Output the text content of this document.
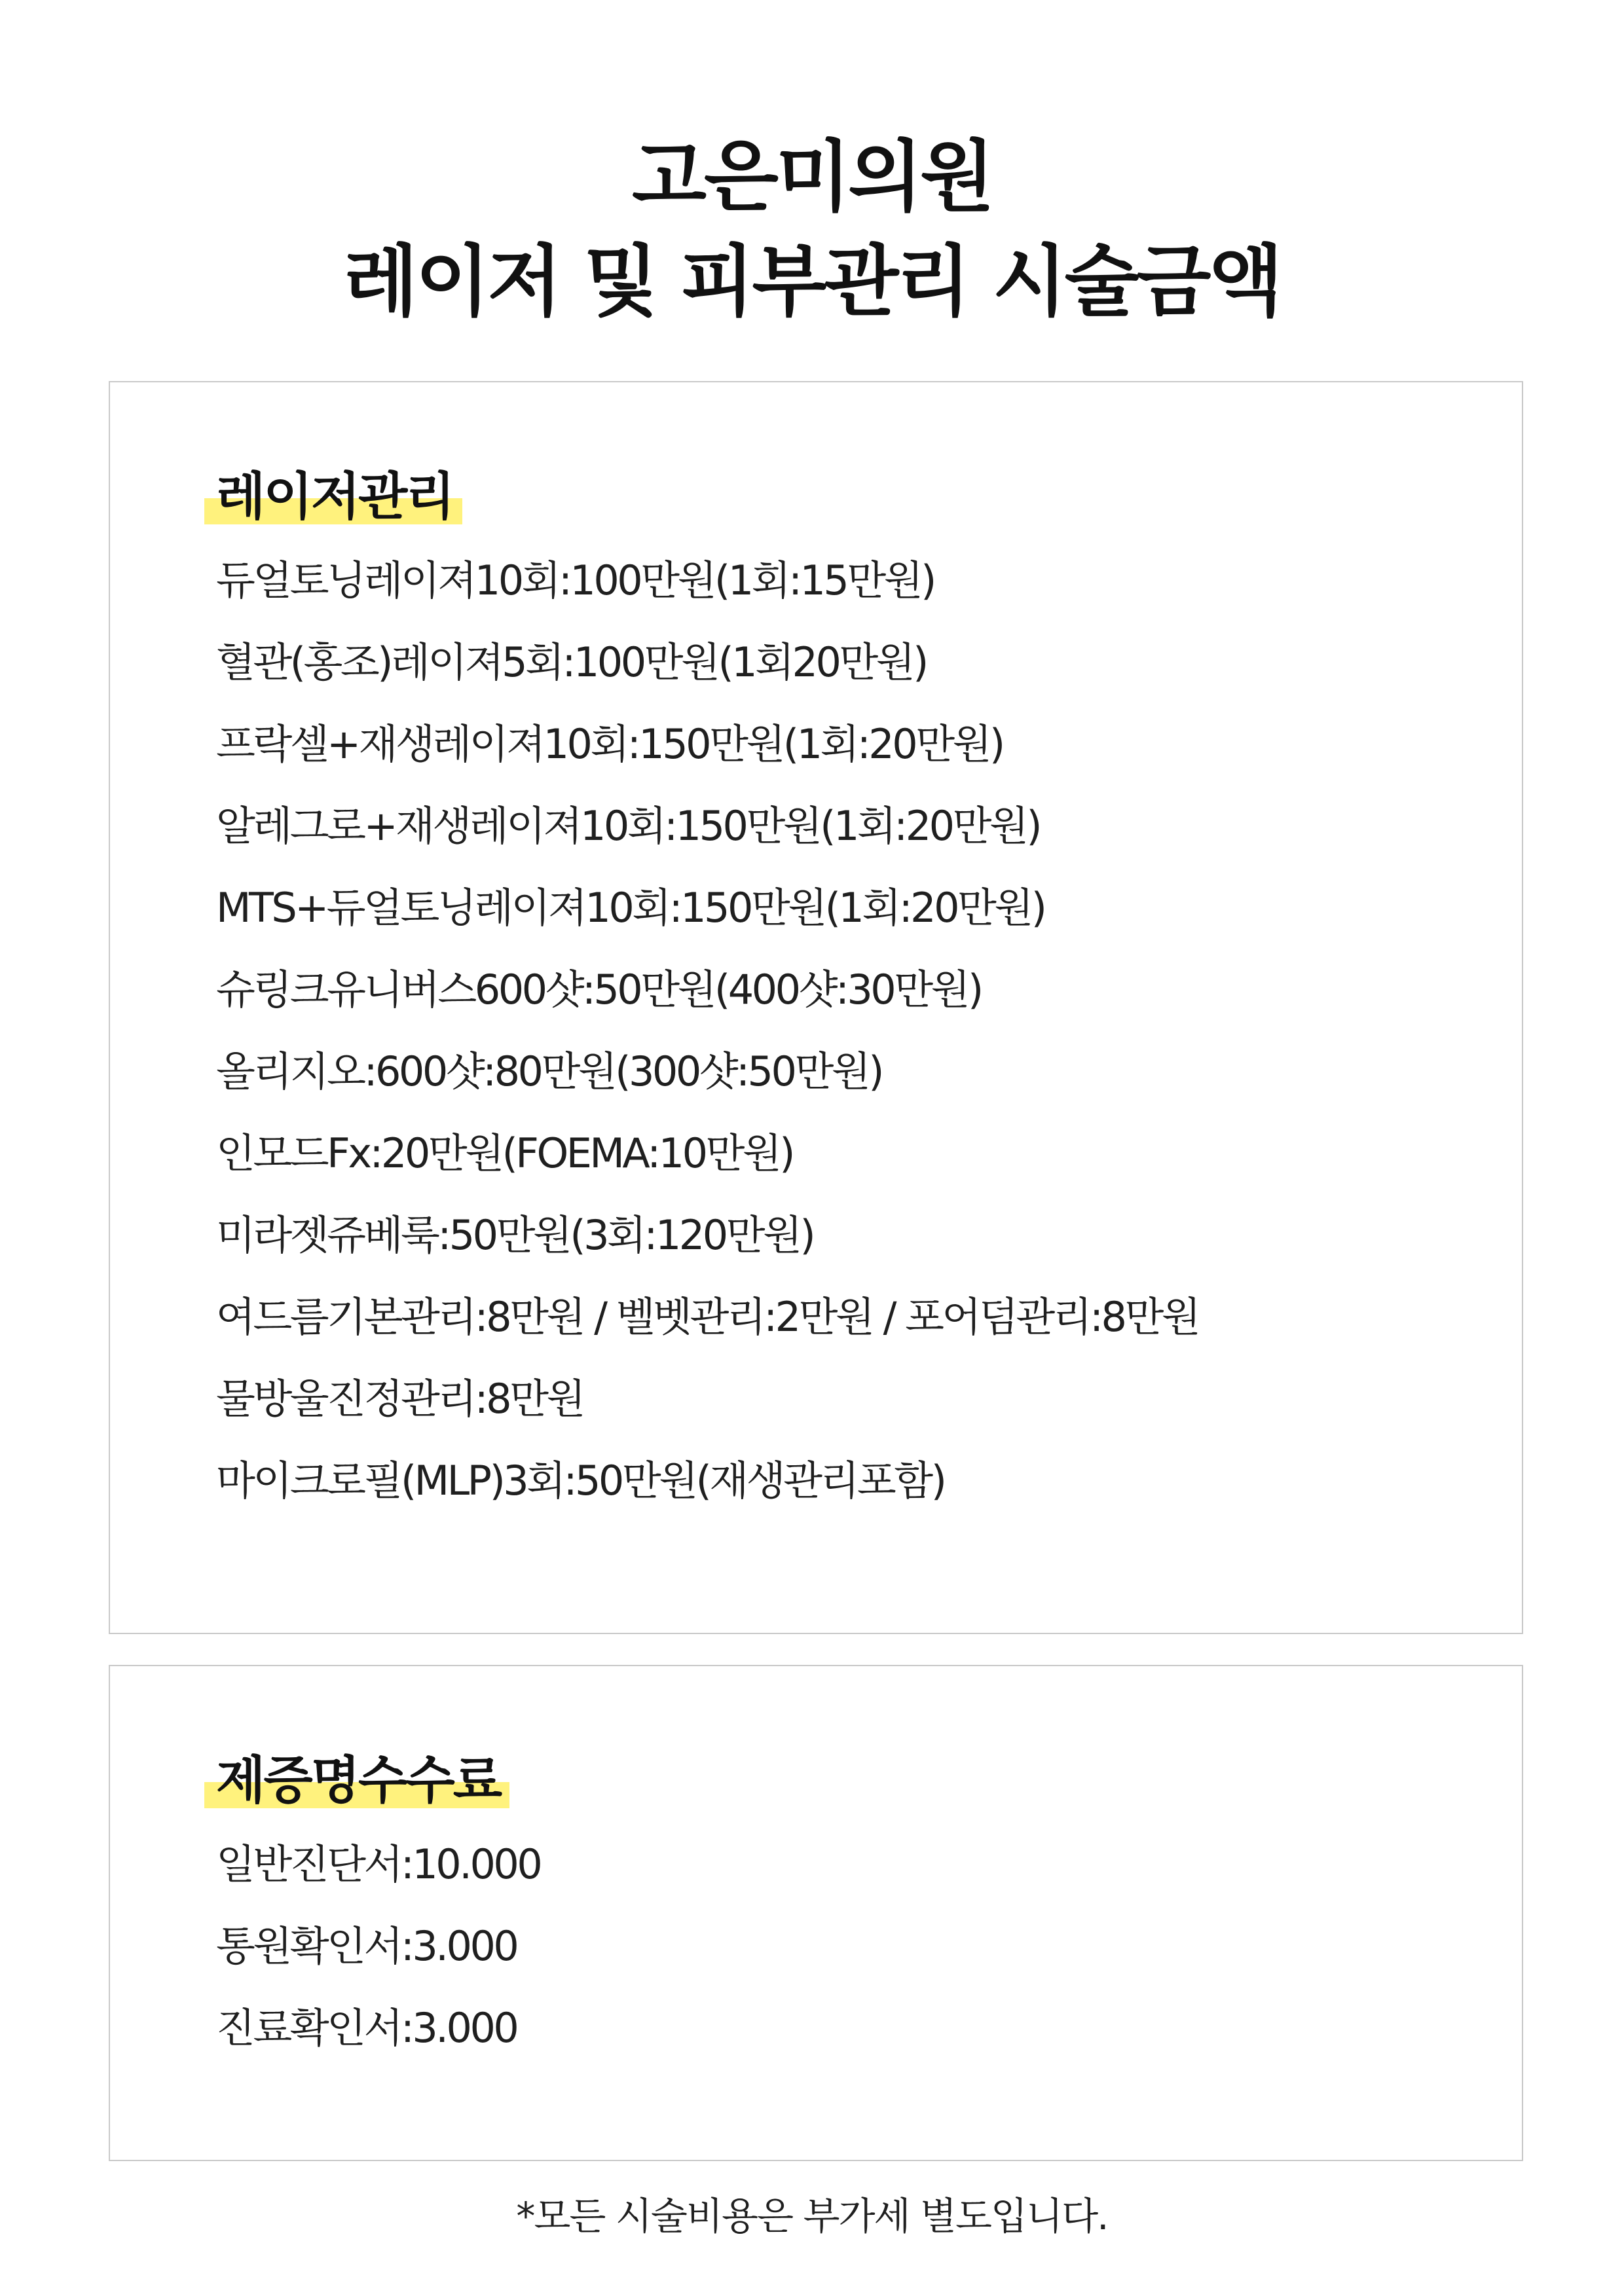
고은미의원
레이저 및 피부관리 시술금액
레이저관리
듀얼토닝레이져10회:100만원(1회:15만원)
혈관(홍조)레이져5회:100만원(1회20만원)
프락셀+재생레이져10회:150만원(1회:20만원)
알레그로+재생레이져10회:150만원(1회:20만원)
MTS+듀얼토닝레이져10회:150만원(1회:20만원)
슈링크유니버스600샷:50만원(400샷:30만원)
올리지오:600샷:80만원(300샷:50만원)
인모드Fx:20만원(FOEMA:10만원)
미라젯쥬베룩:50만원(3회:120만원)
여드름기본관리:8만원 / 벨벳관리:2만원 / 포어덤관리:8만원
물방울진정관리:8만원
마이크로필(MLP)3회:50만원(재생관리포함)
제증명수수료
일반진단서:10.000
통원확인서:3.000
진료확인서:3.000
*모든 시술비용은 부가세 별도입니다.
